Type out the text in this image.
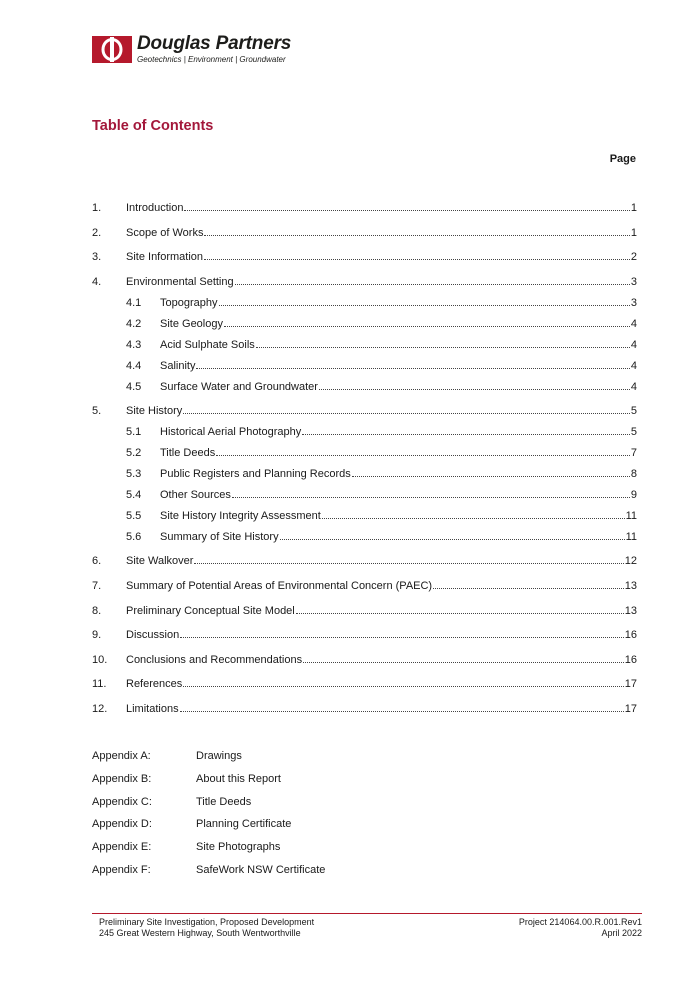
Douglas Partners
Geotechnics | Environment | Groundwater
Table of Contents
Page
1. Introduction	1
2. Scope of Works	1
3. Site Information	2
4. Environmental Setting	3
4.1 Topography	3
4.2 Site Geology	4
4.3 Acid Sulphate Soils	4
4.4 Salinity	4
4.5 Surface Water and Groundwater	4
5. Site History	5
5.1 Historical Aerial Photography	5
5.2 Title Deeds	7
5.3 Public Registers and Planning Records	8
5.4 Other Sources	9
5.5 Site History Integrity Assessment	11
5.6 Summary of Site History	11
6. Site Walkover	12
7. Summary of Potential Areas of Environmental Concern (PAEC)	13
8. Preliminary Conceptual Site Model	13
9. Discussion	16
10. Conclusions and Recommendations	16
11. References	17
12. Limitations	17
Appendix A:	Drawings
Appendix B:	About this Report
Appendix C:	Title Deeds
Appendix D:	Planning Certificate
Appendix E:	Site Photographs
Appendix F:	SafeWork NSW Certificate
Preliminary Site Investigation, Proposed Development
245 Great Western Highway, South Wentworthville
Project 214064.00.R.001.Rev1
April 2022
